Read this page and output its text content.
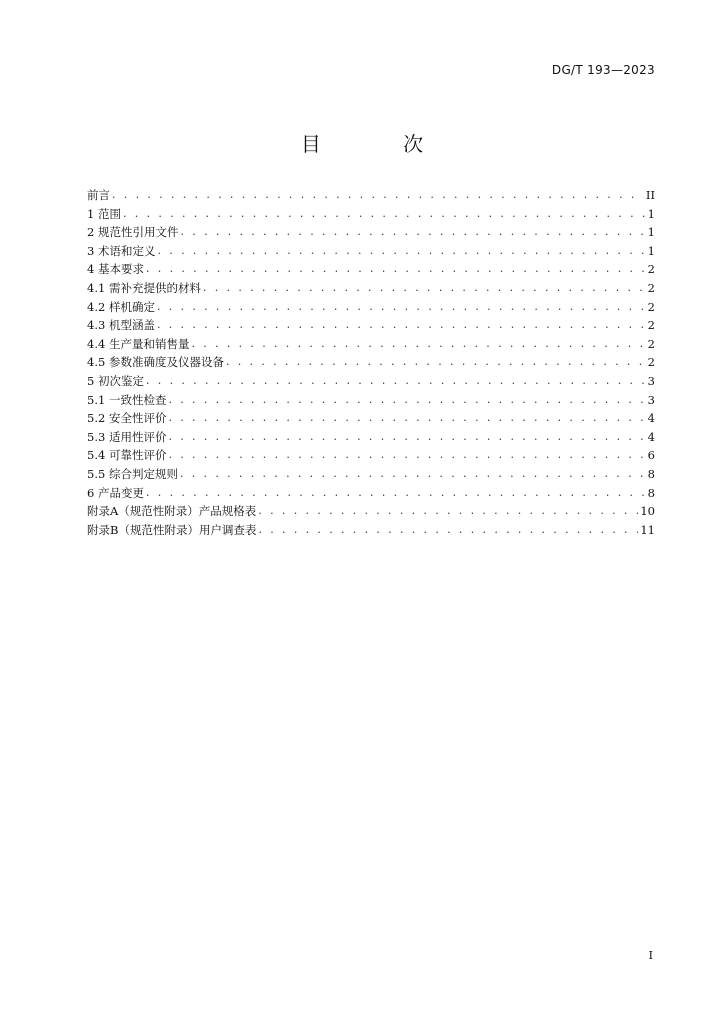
DG/T 193—2023
目 次
前言 . . .	II
1 范围 . . .	1
2 规范性引用文件 . . .	1
3 术语和定义 . . .	1
4 基本要求 . . .	2
4.1 需补充提供的材料 . . .	2
4.2 样机确定 . . .	2
4.3 机型涵盖 . . .	2
4.4 生产量和销售量 . . .	2
4.5 参数准确度及仪器设备 . . .	2
5 初次鉴定 . . .	3
5.1 一致性检查 . . .	3
5.2 安全性评价 . . .	4
5.3 适用性评价 . . .	4
5.4 可靠性评价 . . .	6
5.5 综合判定规则 . . .	8
6 产品变更 . . .	8
附录A（规范性附录）产品规格表 . . .	10
附录B（规范性附录）用户调查表 . . .	11
I
